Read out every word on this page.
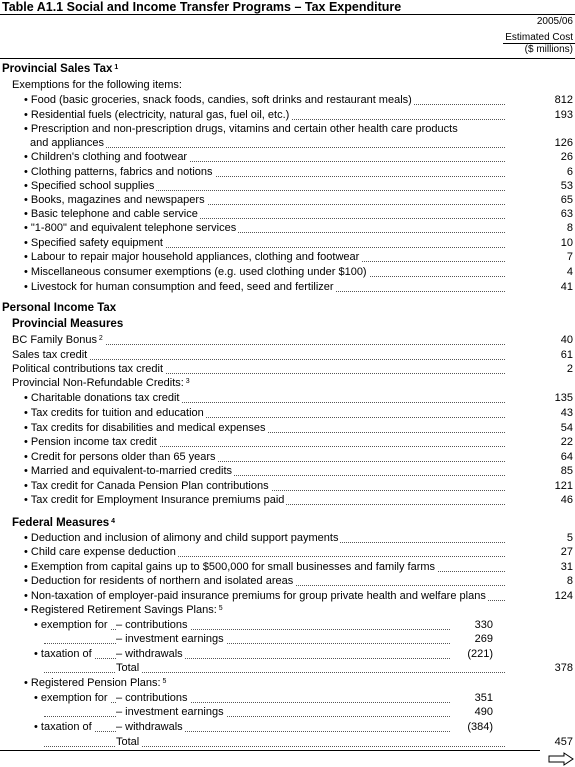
Table A1.1 Social and Income Transfer Programs – Tax Expenditure
2005/06
Estimated Cost
($ millions)
Provincial Sales Tax $^1$
Exemptions for the following items:
• Food (basic groceries, snack foods, candies, soft drinks and restaurant meals)	812
• Residential fuels (electricity, natural gas, fuel oil, etc.)	193
• Prescription and non-prescription drugs, vitamins and certain other health care products
and appliances	126
• Children's clothing and footwear	26
• Clothing patterns, fabrics and notions	6
• Specified school supplies	53
• Books, magazines and newspapers	65
• Basic telephone and cable service	63
• "1-800" and equivalent telephone services	8
• Specified safety equipment	10
• Labour to repair major household appliances, clothing and footwear	7
• Miscellaneous consumer exemptions (e.g. used clothing under $100)	4
• Livestock for human consumption and feed, seed and fertilizer	41
Personal Income Tax
Provincial Measures
BC Family Bonus $^2$	40
Sales tax credit	61
Political contributions tax credit	2
Provincial Non-Refundable Credits: $^3$
• Charitable donations tax credit	135
• Tax credits for tuition and education	43
• Tax credits for disabilities and medical expenses	54
• Pension income tax credit	22
• Credit for persons older than 65 years	64
• Married and equivalent-to-married credits	85
• Tax credit for Canada Pension Plan contributions	121
• Tax credit for Employment Insurance premiums paid	46
Federal Measures $^4$
• Deduction and inclusion of alimony and child support payments	5
• Child care expense deduction	27
• Exemption from capital gains up to $500,000 for small businesses and family farms	31
• Deduction for residents of northern and isolated areas	8
• Non-taxation of employer-paid insurance premiums for group private health and welfare plans	124
• Registered Retirement Savings Plans: $^5$
• exemption for – contributions	330
– investment earnings	269
• taxation of – withdrawals	(221)
Total	378
• Registered Pension Plans: $^5$
• exemption for – contributions	351
– investment earnings	490
• taxation of – withdrawals	(384)
Total	457
